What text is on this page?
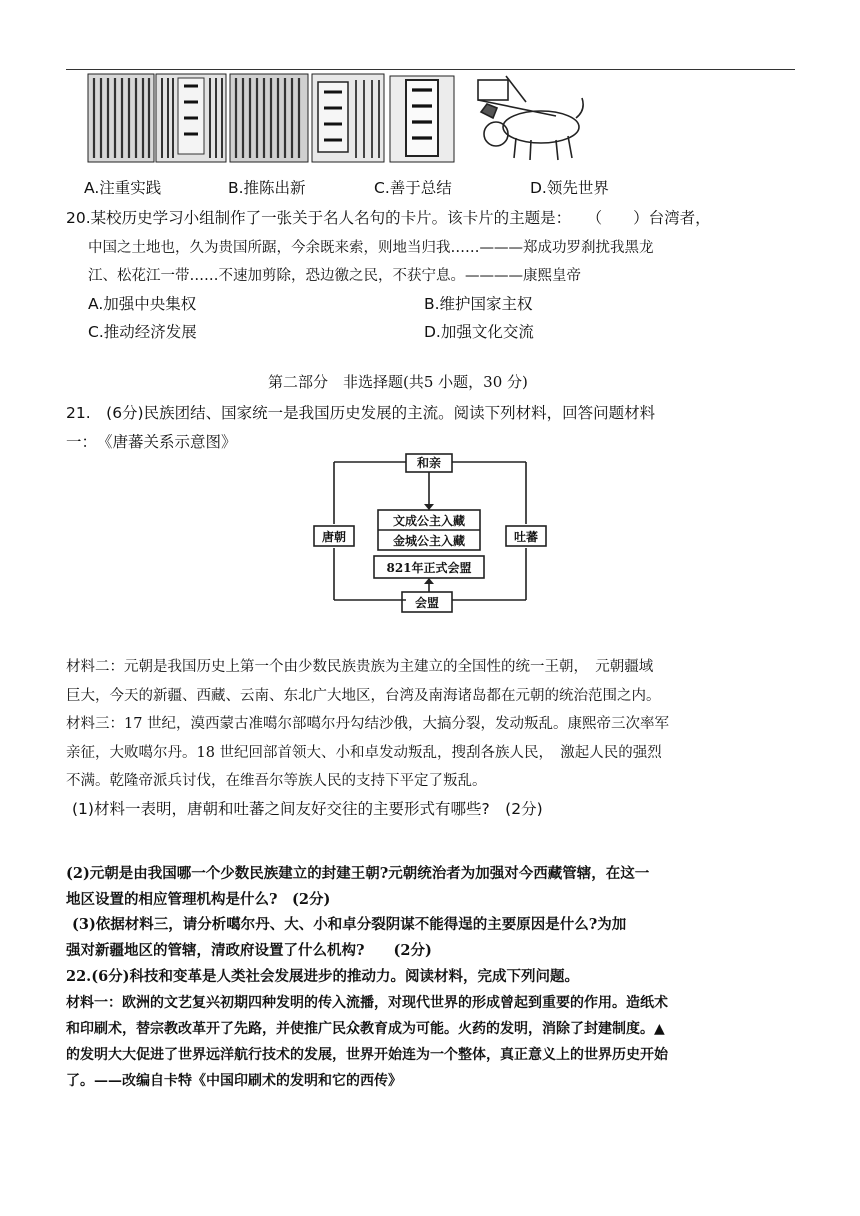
A.注重实践	B.推陈出新	C.善于总结	D.领先世界
20.某校历史学习小组制作了一张关于名人名句的卡片。该卡片的主题是：　　（　　）台湾者，
中国之土地也，久为贵国所踞，今余既来索，则地当归我……———郑成功罗刹扰我黑龙
江、松花江一带……不速加剪除，恐边徼之民，不获宁息。————康熙皇帝
A.加强中央集权	B.维护国家主权
C.推动经济发展	D.加强文化交流
第二部分　非选择题(共5 小题，30 分)
21.　(6分)民族团结、国家统一是我国历史发展的主流。阅读下列材料，回答问题材料
一：　《唐蕃关系示意图》
和亲
唐朝	吐蕃
会盟
文成公主入藏
金城公主入藏
821年正式会盟
材料二：元朝是我国历史上第一个由少数民族贵族为主建立的全国性的统一王朝，　元朝疆域
巨大，今天的新疆、西藏、云南、东北广大地区，台湾及南海诸岛都在元朝的统治范围之内。
材料三：17 世纪，漠西蒙古准噶尔部噶尔丹勾结沙俄，大搞分裂，发动叛乱。康熙帝三次率军
亲征，大败噶尔丹。18 世纪回部首领大、小和卓发动叛乱，搜刮各族人民，　激起人民的强烈
不满。乾隆帝派兵讨伐，在维吾尔等族人民的支持下平定了叛乱。
(1)材料一表明，唐朝和吐蕃之间友好交往的主要形式有哪些?　(2分)
(2)元朝是由我国哪一个少数民族建立的封建王朝?元朝统治者为加强对今西藏管辖，在这一
地区设置的相应管理机构是什么?　(2分)
(3)依据材料三，请分析噶尔丹、大、小和卓分裂阴谋不能得逞的主要原因是什么?为加
强对新疆地区的管辖，清政府设置了什么机构?　　(2分)
22.(6分)科技和变革是人类社会发展进步的推动力。阅读材料，完成下列问题。
材料一：欧洲的文艺复兴初期四种发明的传入流播，对现代世界的形成曾起到重要的作用。造纸术
和印刷术，替宗教改革开了先路，并使推广民众教育成为可能。火药的发明，消除了封建制度。▲
的发明大大促进了世界远洋航行技术的发展，世界开始连为一个整体，真正意义上的世界历史开始
了。——改编自卡特《中国印刷术的发明和它的西传》
